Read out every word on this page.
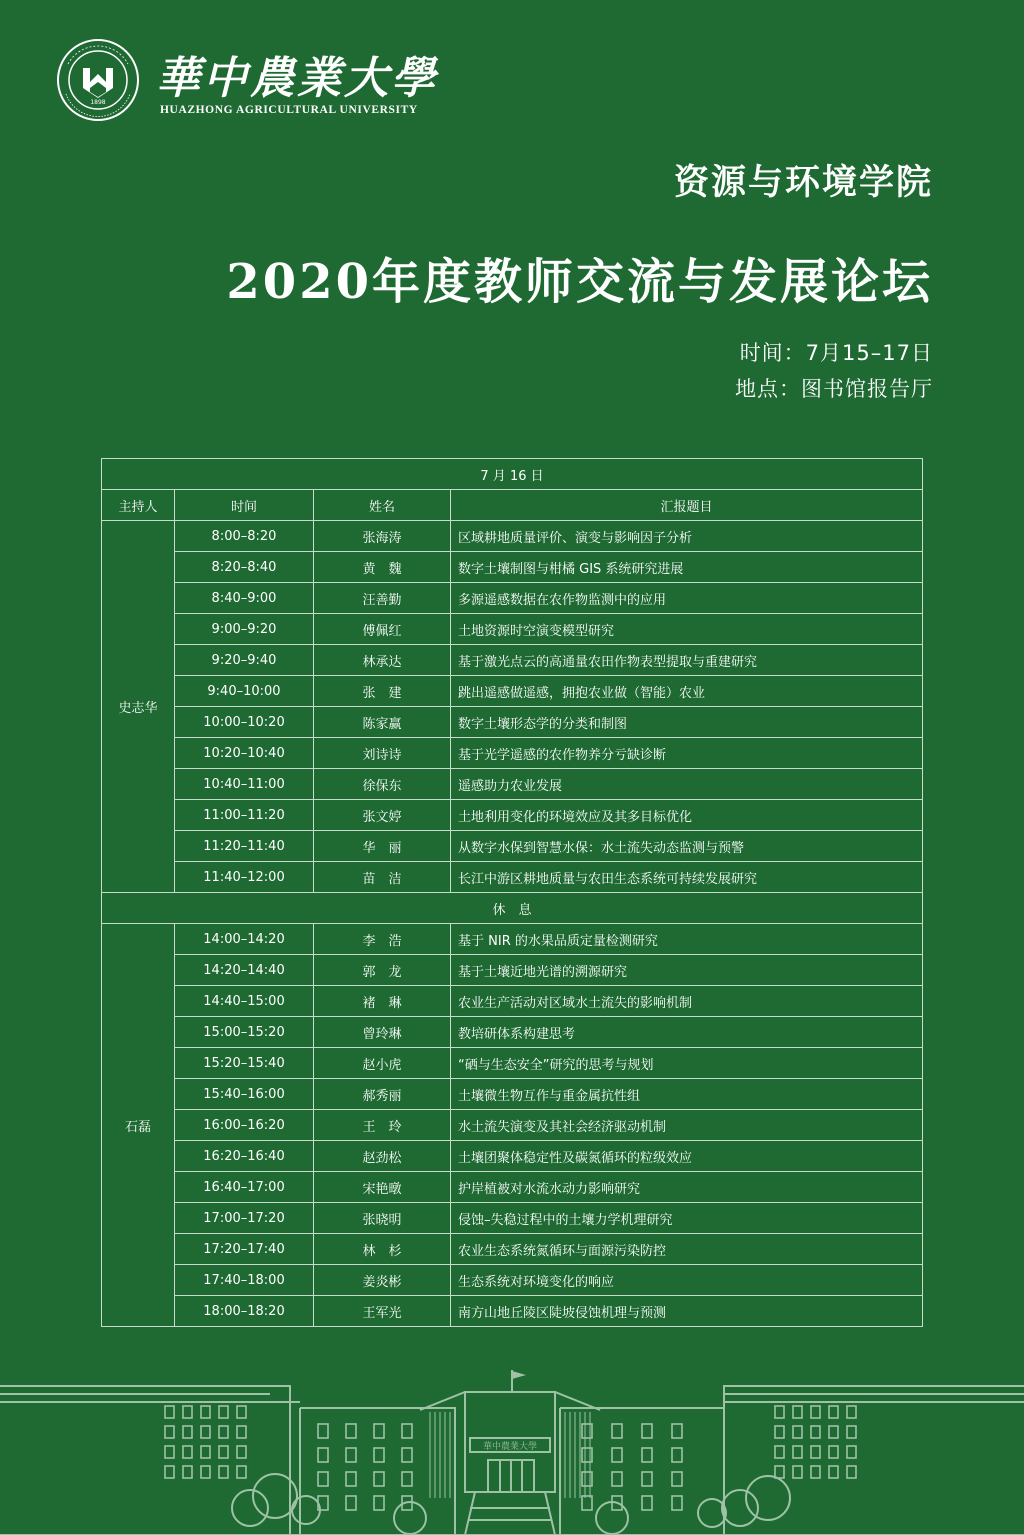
1898 華中農業大學
HUAZHONG AGRICULTURAL UNIVERSITY
资源与环境学院
2020年度教师交流与发展论坛
时间：7月15–17日
地点：图书馆报告厅
7 月 16 日			
主持人	时间	姓名	汇报题目
史志华	8:00–8:20	张海涛	区域耕地质量评价、演变与影响因子分析
	8:20–8:40	黄　魏	数字土壤制图与柑橘 GIS 系统研究进展
	8:40–9:00	汪善勤	多源遥感数据在农作物监测中的应用
	9:00–9:20	傅佩红	土地资源时空演变模型研究
	9:20–9:40	林承达	基于激光点云的高通量农田作物表型提取与重建研究
	9:40–10:00	张　建	跳出遥感做遥感，拥抱农业做（智能）农业
	10:00–10:20	陈家赢	数字土壤形态学的分类和制图
	10:20–10:40	刘诗诗	基于光学遥感的农作物养分亏缺诊断
	10:40–11:00	徐保东	遥感助力农业发展
	11:00–11:20	张文婷	土地利用变化的环境效应及其多目标优化
	11:20–11:40	华　丽	从数字水保到智慧水保：水土流失动态监测与预警
	11:40–12:00	苗　洁	长江中游区耕地质量与农田生态系统可持续发展研究
休　息			
石磊	14:00–14:20	李　浩	基于 NIR 的水果品质定量检测研究
	14:20–14:40	郭　龙	基于土壤近地光谱的溯源研究
	14:40–15:00	褚　琳	农业生产活动对区域水土流失的影响机制
	15:00–15:20	曾玲琳	教培研体系构建思考
	15:20–15:40	赵小虎	“硒与生态安全”研究的思考与规划
	15:40–16:00	郝秀丽	土壤微生物互作与重金属抗性组
	16:00–16:20	王　玲	水土流失演变及其社会经济驱动机制
	16:20–16:40	赵劲松	土壤团聚体稳定性及碳氮循环的粒级效应
	16:40–17:00	宋艳暾	护岸植被对水流水动力影响研究
	17:00–17:20	张晓明	侵蚀–失稳过程中的土壤力学机理研究
	17:20–17:40	林　杉	农业生态系统氮循环与面源污染防控
	17:40–18:00	姜炎彬	生态系统对环境变化的响应
	18:00–18:20	王军光	南方山地丘陵区陡坡侵蚀机理与预测
華中農業大學
